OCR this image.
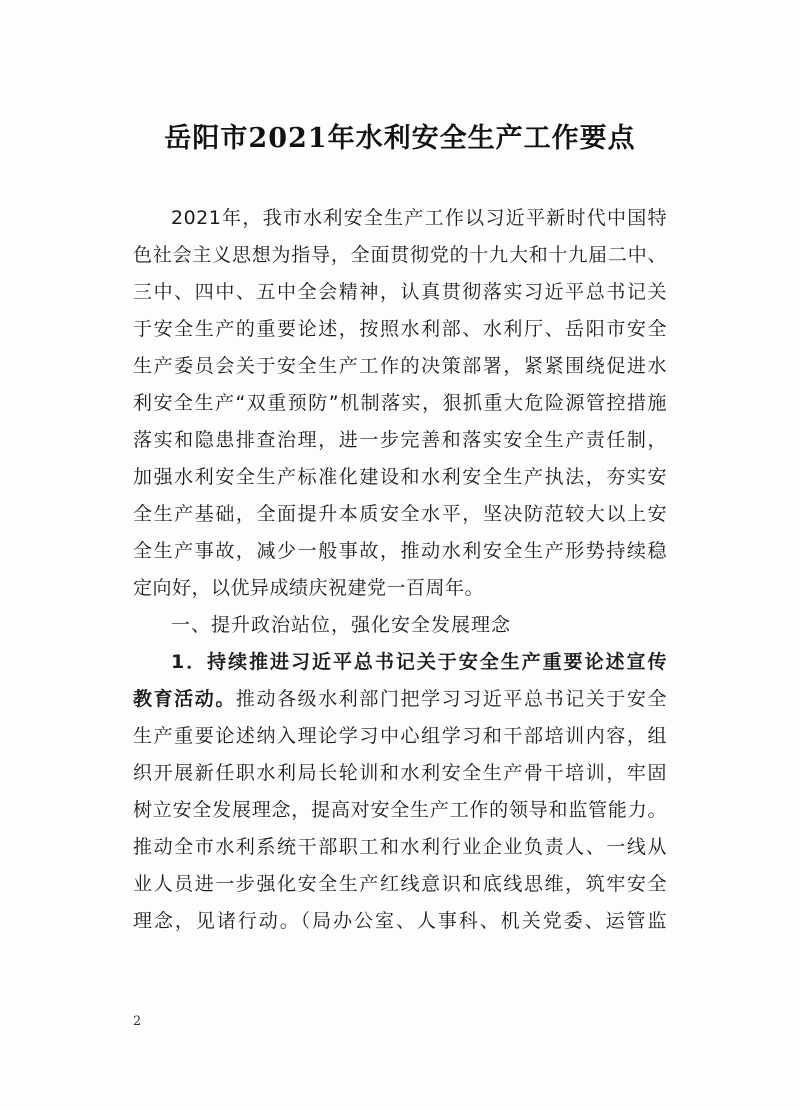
岳阳市2021年水利安全生产工作要点
2021年，我市水利安全生产工作以习近平新时代中国特
色社会主义思想为指导，全面贯彻党的十九大和十九届二中、
三中、四中、五中全会精神，认真贯彻落实习近平总书记关
于安全生产的重要论述，按照水利部、水利厅、岳阳市安全
生产委员会关于安全生产工作的决策部署，紧紧围绕促进水
利安全生产“双重预防”机制落实，狠抓重大危险源管控措施
落实和隐患排查治理，进一步完善和落实安全生产责任制，
加强水利安全生产标准化建设和水利安全生产执法，夯实安
全生产基础，全面提升本质安全水平，坚决防范较大以上安
全生产事故，减少一般事故，推动水利安全生产形势持续稳
定向好，以优异成绩庆祝建党一百周年。
一、提升政治站位，强化安全发展理念
1．持续推进习近平总书记关于安全生产重要论述宣传
教育活动。推动各级水利部门把学习习近平总书记关于安全
生产重要论述纳入理论学习中心组学习和干部培训内容，组
织开展新任职水利局长轮训和水利安全生产骨干培训，牢固
树立安全发展理念，提高对安全生产工作的领导和监管能力。
推动全市水利系统干部职工和水利行业企业负责人、一线从
业人员进一步强化安全生产红线意识和底线思维，筑牢安全
理念，见诸行动。（局办公室、人事科、机关党委、运管监
2
